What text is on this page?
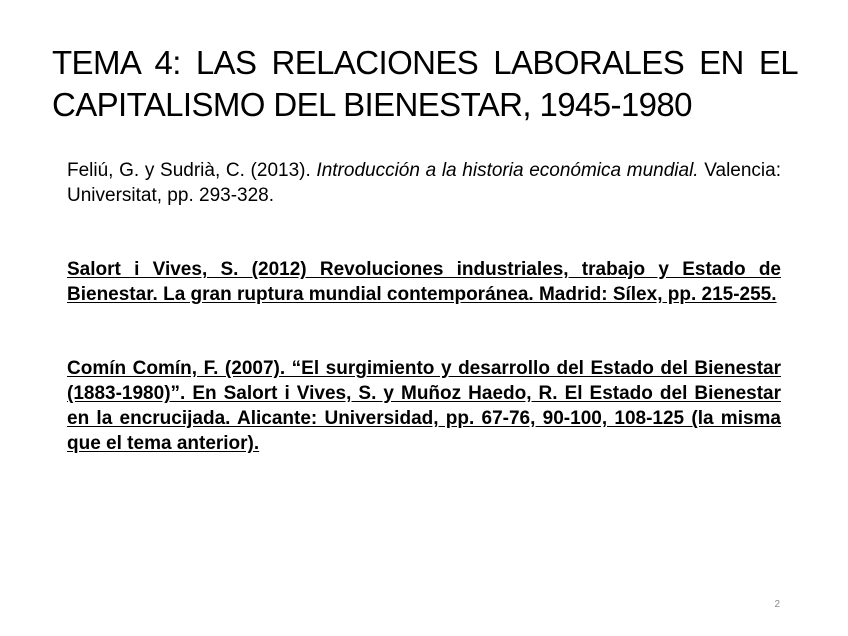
TEMA 4: LAS RELACIONES LABORALES EN EL
CAPITALISMO DEL BIENESTAR, 1945-1980

Feliú, G. y Sudrià, C. (2013). Introducción a la historia económica mundial. Valencia: Universitat, pp. 293-328.

Salort i Vives, S. (2012) Revoluciones industriales, trabajo y Estado de Bienestar. La gran ruptura mundial contemporánea. Madrid: Sílex, pp. 215-255.

Comín Comín, F. (2007). “El surgimiento y desarrollo del Estado del Bienestar (1883-1980)”. En Salort i Vives, S. y Muñoz Haedo, R. El Estado del Bienestar en la encrucijada. Alicante: Universidad, pp. 67-76, 90-100, 108-125 (la misma que el tema anterior).

2
